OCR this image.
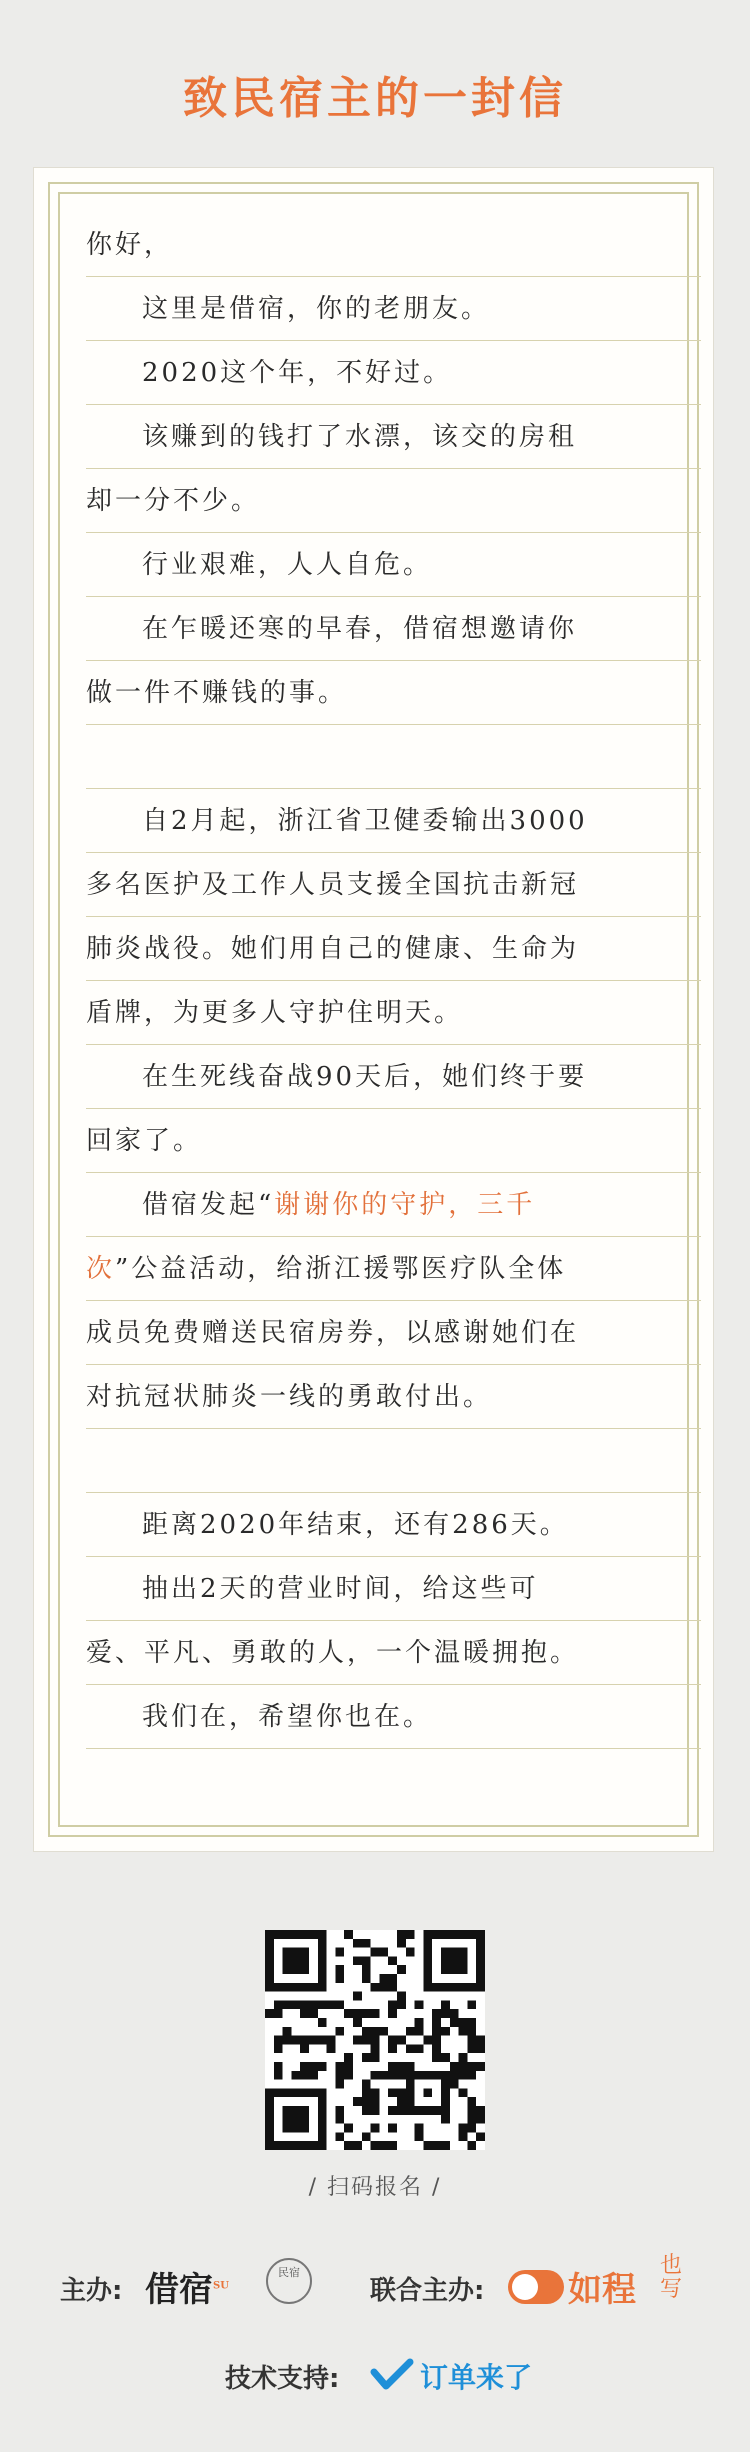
致民宿主的一封信
你好，
这里是借宿，你的老朋友。
2020这个年，不好过。
该赚到的钱打了水漂，该交的房租
却一分不少。
行业艰难，人人自危。
在乍暖还寒的早春，借宿想邀请你
做一件不赚钱的事。
自2月起，浙江省卫健委输出3000
多名医护及工作人员支援全国抗击新冠
肺炎战役。她们用自己的健康、生命为
盾牌，为更多人守护住明天。
在生死线奋战90天后，她们终于要
回家了。
借宿发起“谢谢你的守护，三千
次”公益活动，给浙江援鄂医疗队全体
成员免费赠送民宿房券，以感谢她们在
对抗冠状肺炎一线的勇敢付出。
距离2020年结束，还有286天。
抽出2天的营业时间，给这些可
爱、平凡、勇敢的人，一个温暖拥抱。
我们在，希望你也在。
/ 扫码报名 /
主办: 借宿$^{SU}$
民宿
联合主办: 如程
也写
技术支持:	订单来了
